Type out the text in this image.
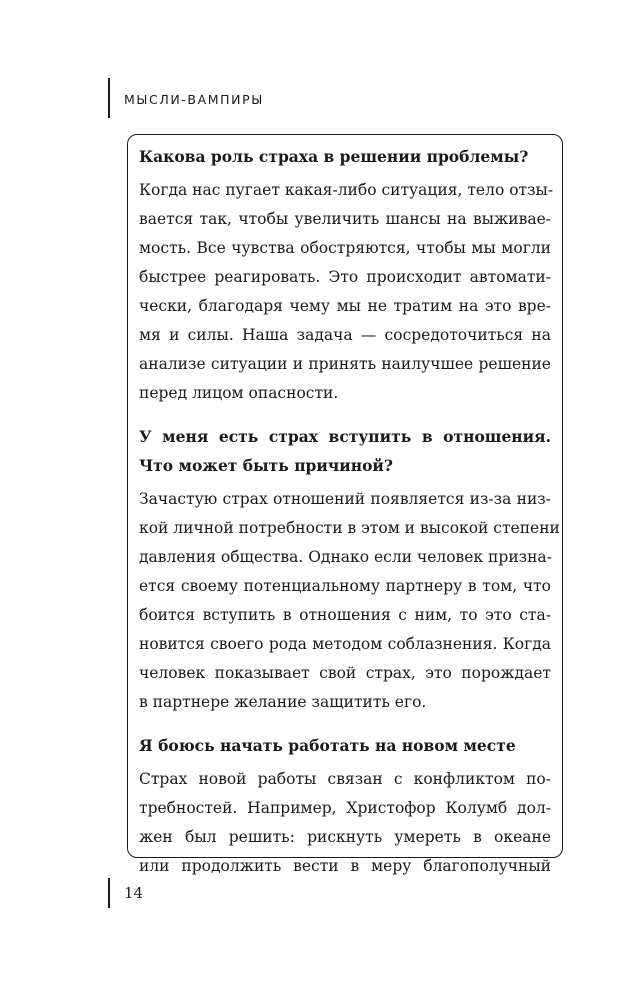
МЫСЛИ-ВАМПИРЫ

Какова роль страха в решении проблемы?

Когда нас пугает какая-либо ситуация, тело отзы-
вается так, чтобы увеличить шансы на выживае-
мость. Все чувства обостряются, чтобы мы могли
быстрее реагировать. Это происходит автомати-
чески, благодаря чему мы не тратим на это вре-
мя и силы. Наша задача — сосредоточиться на
анализе ситуации и принять наилучшее решение
перед лицом опасности.

У меня есть страх вступить в отношения. Что может быть причиной?

Зачастую страх отношений появляется из-за низ-
кой личной потребности в этом и высокой степени
давления общества. Однако если человек призна-
ется своему потенциальному партнеру в том, что
боится вступить в отношения с ним, то это ста-
новится своего рода методом соблазнения. Когда
человек показывает свой страх, это порождает
в партнере желание защитить его.

Я боюсь начать работать на новом месте

Страх новой работы связан с конфликтом по-
требностей. Например, Христофор Колумб дол-
жен был решить: рискнуть умереть в океане
или продолжить вести в меру благополучный

14
